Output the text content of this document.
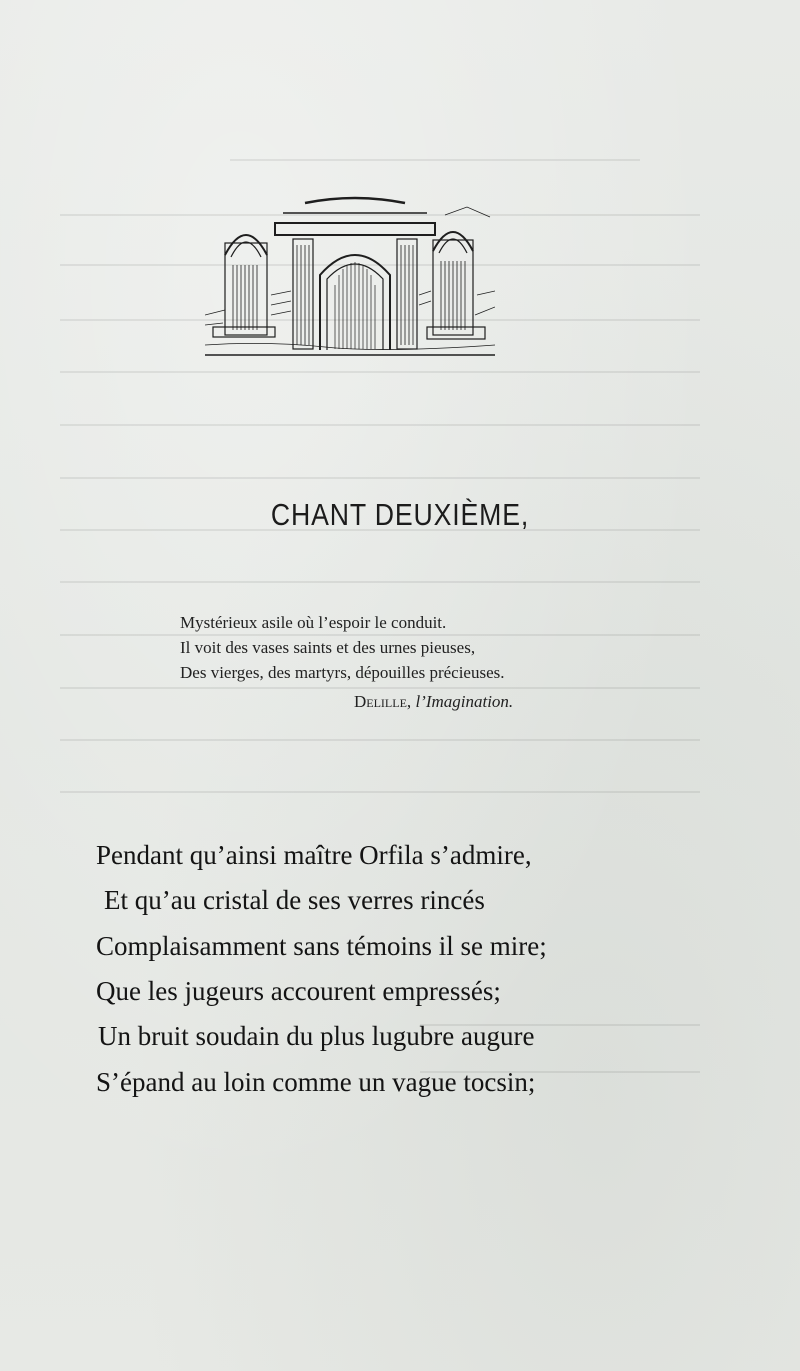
CHANT DEUXIÈME,
Mystérieux asile où l’espoir le conduit.
Il voit des vases saints et des urnes pieuses,
Des vierges, des martyrs, dépouilles précieuses.
Delille, l’Imagination.
Pendant qu’ainsi maître Orfila s’admire,
Et qu’au cristal de ses verres rincés
Complaisamment sans témoins il se mire;
Que les jugeurs accourent empressés;
Un bruit soudain du plus lugubre augure
S’épand au loin comme un vague tocsin;
